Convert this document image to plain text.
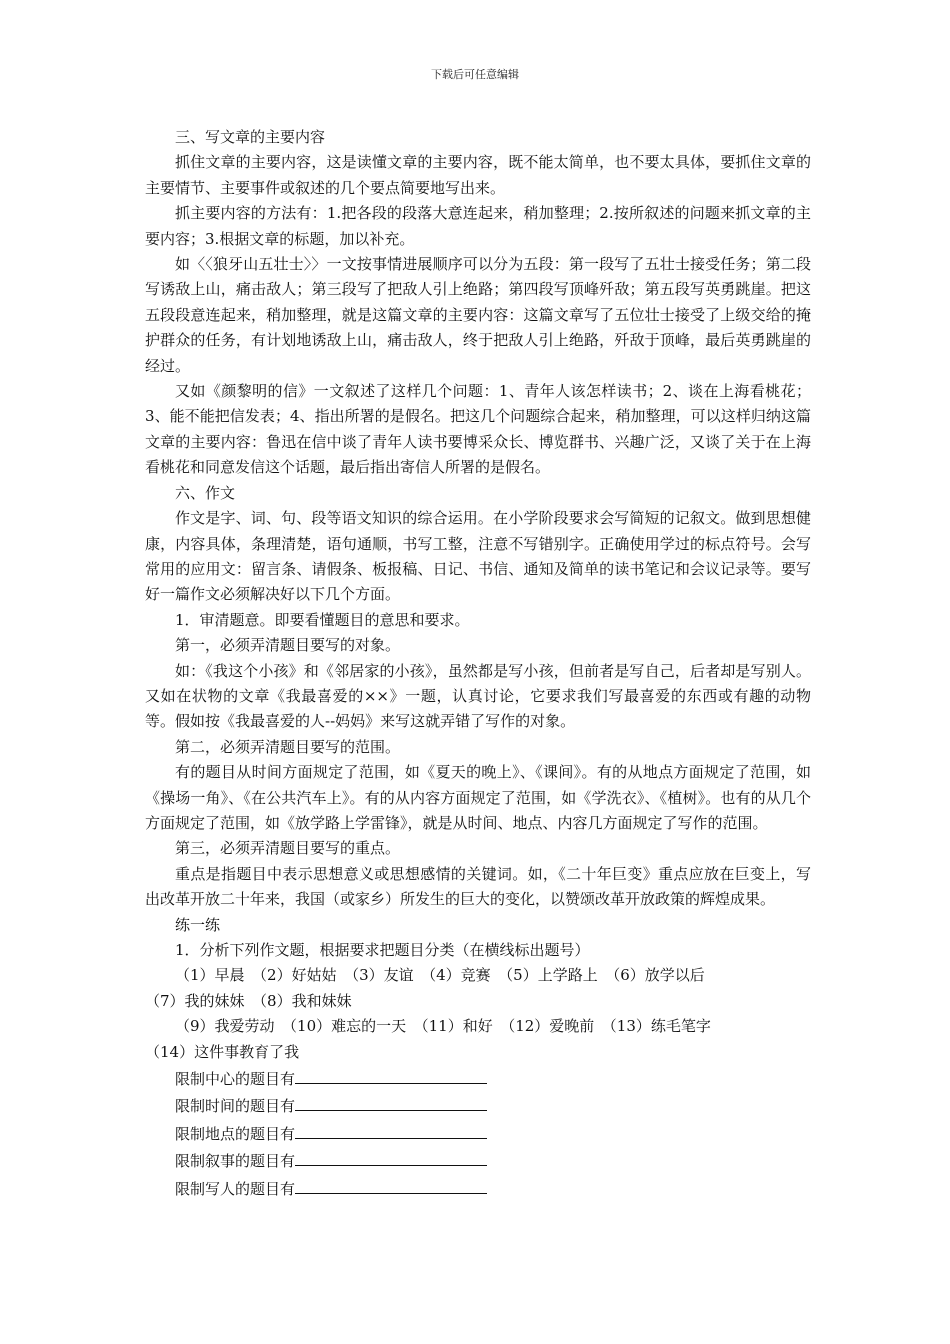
下载后可任意编辑

三、写文章的主要内容

抓住文章的主要内容，这是读懂文章的主要内容，既不能太简单，也不要太具体，要抓住文章的主要情节、主要事件或叙述的几个要点简要地写出来。

抓主要内容的方法有：1.把各段的段落大意连起来，稍加整理；2.按所叙述的问题来抓文章的主要内容；3.根据文章的标题，加以补充。

如〈〈狼牙山五壮士〉〉一文按事情进展顺序可以分为五段：第一段写了五壮士接受任务；第二段写诱敌上山，痛击敌人；第三段写了把敌人引上绝路；第四段写顶峰歼敌；第五段写英勇跳崖。把这五段段意连起来，稍加整理，就是这篇文章的主要内容：这篇文章写了五位壮士接受了上级交给的掩护群众的任务，有计划地诱敌上山，痛击敌人，终于把敌人引上绝路，歼敌于顶峰，最后英勇跳崖的经过。

又如《颜黎明的信》一文叙述了这样几个问题：1、青年人该怎样读书；2、谈在上海看桃花；3、能不能把信发表；4、指出所署的是假名。把这几个问题综合起来，稍加整理，可以这样归纳这篇文章的主要内容：鲁迅在信中谈了青年人读书要博采众长、博览群书、兴趣广泛，又谈了关于在上海看桃花和同意发信这个话题，最后指出寄信人所署的是假名。

六、作文

作文是字、词、句、段等语文知识的综合运用。在小学阶段要求会写简短的记叙文。做到思想健康，内容具体，条理清楚，语句通顺，书写工整，注意不写错别字。正确使用学过的标点符号。会写常用的应用文：留言条、请假条、板报稿、日记、书信、通知及简单的读书笔记和会议记录等。要写好一篇作文必须解决好以下几个方面。

1．审清题意。即要看懂题目的意思和要求。

第一，必须弄清题目要写的对象。

如：《我这个小孩》和《邻居家的小孩》，虽然都是写小孩，但前者是写自己，后者却是写别人。又如在状物的文章《我最喜爱的××》一题，认真讨论，它要求我们写最喜爱的东西或有趣的动物等。假如按《我最喜爱的人--妈妈》来写这就弄错了写作的对象。

第二，必须弄清题目要写的范围。

有的题目从时间方面规定了范围，如《夏天的晚上》、《课间》。有的从地点方面规定了范围，如《操场一角》、《在公共汽车上》。有的从内容方面规定了范围，如《学洗衣》、《植树》。也有的从几个方面规定了范围，如《放学路上学雷锋》，就是从时间、地点、内容几方面规定了写作的范围。

第三，必须弄清题目要写的重点。

重点是指题目中表示思想意义或思想感情的关键词。如，《二十年巨变》重点应放在巨变上，写出改革开放二十年来，我国（或家乡）所发生的巨大的变化，以赞颂改革开放政策的辉煌成果。

练一练

1．分析下列作文题，根据要求把题目分类（在横线标出题号）

（1）早晨　（2）好姑姑　（3）友谊　（4）竞赛　（5）上学路上　（6）放学以后

（7）我的妹妹　（8）我和妹妹

（9）我爱劳动　（10）难忘的一天　（11）和好　（12）爱晚前　（13）练毛笔字

（14）这件事教育了我

限制中心的题目有

限制时间的题目有

限制地点的题目有

限制叙事的题目有

限制写人的题目有
